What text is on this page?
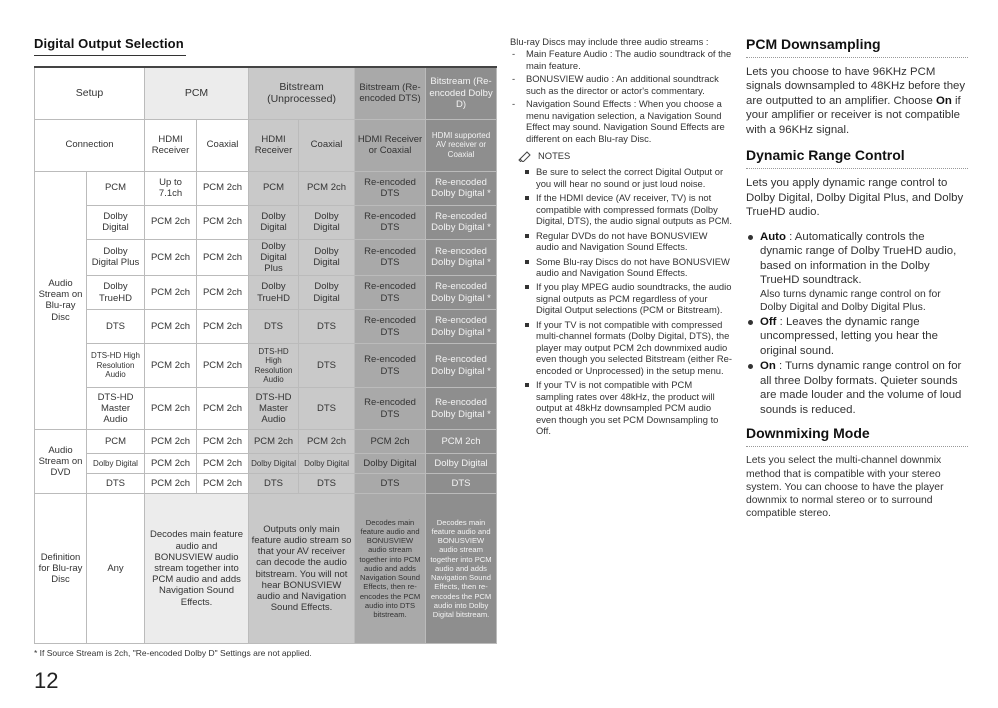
Digital Output Selection
Setup		PCM		Bitstream (Unprocessed)		Bitstream (Re-encoded DTS)	Bitstream (Re-encoded Dolby D)
Connection		HDMI Receiver	Coaxial	HDMI Receiver	Coaxial	HDMI Receiver or Coaxial	HDMI supported AV receiver or Coaxial
Audio Stream on Blu-ray Disc	PCM	Up to 7.1ch	PCM 2ch	PCM	PCM 2ch	Re-encoded DTS	Re-encoded Dolby Digital *
	Dolby Digital	PCM 2ch	PCM 2ch	Dolby Digital	Dolby Digital	Re-encoded DTS	Re-encoded Dolby Digital *
	Dolby Digital Plus	PCM 2ch	PCM 2ch	Dolby Digital Plus	Dolby Digital	Re-encoded DTS	Re-encoded Dolby Digital *
	Dolby TrueHD	PCM 2ch	PCM 2ch	Dolby TrueHD	Dolby Digital	Re-encoded DTS	Re-encoded Dolby Digital *
	DTS	PCM 2ch	PCM 2ch	DTS	DTS	Re-encoded DTS	Re-encoded Dolby Digital *
	DTS-HD High Resolution Audio	PCM 2ch	PCM 2ch	DTS-HD High Resolution Audio	DTS	Re-encoded DTS	Re-encoded Dolby Digital *
	DTS-HD Master Audio	PCM 2ch	PCM 2ch	DTS-HD Master Audio	DTS	Re-encoded DTS	Re-encoded Dolby Digital *
Audio Stream on DVD	PCM	PCM 2ch	PCM 2ch	PCM 2ch	PCM 2ch	PCM 2ch	PCM 2ch
	Dolby Digital	PCM 2ch	PCM 2ch	Dolby Digital	Dolby Digital	Dolby Digital	Dolby Digital
	DTS	PCM 2ch	PCM 2ch	DTS	DTS	DTS	DTS
Definition for Blu-ray Disc	Any	Decodes main feature audio and BONUSVIEW audio stream together into PCM audio and adds Navigation Sound Effects.		Outputs only main feature audio stream so that your AV receiver can decode the audio bitstream. You will not hear BONUSVIEW audio and Navigation Sound Effects.		Decodes main feature audio and BONUSVIEW audio stream together into PCM audio and adds Navigation Sound Effects, then re-encodes the PCM audio into DTS bitstream.	Decodes main feature audio and BONUSVIEW audio stream together into PCM audio and adds Navigation Sound Effects, then re-encodes the PCM audio into Dolby Digital bitstream.
* If Source Stream is 2ch, "Re-encoded Dolby D" Settings are not applied.
12

Blu-ray Discs may include three audio streams :

- Main Feature Audio : The audio soundtrack of the main feature.
- BONUSVIEW audio : An additional soundtrack such as the director or actor's commentary.
- Navigation Sound Effects : When you choose a menu navigation selection, a Navigation Sound Effect may sound. Navigation Sound Effects are different on each Blu-ray Disc.
NOTES
Be sure to select the correct Digital Output or you will hear no sound or just loud noise.
If the HDMI device (AV receiver, TV) is not compatible with compressed formats (Dolby Digital, DTS), the audio signal outputs as PCM.
Regular DVDs do not have BONUSVIEW audio and Navigation Sound Effects.
Some Blu-ray Discs do not have BONUSVIEW audio and Navigation Sound Effects.
If you play MPEG audio soundtracks, the audio signal outputs as PCM regardless of your Digital Output selections (PCM or Bitstream).
If your TV is not compatible with compressed multi-channel formats (Dolby Digital, DTS), the player may output PCM 2ch downmixed audio even though you selected Bitstream (either Re-encoded or Unprocessed) in the setup menu.
If your TV is not compatible with PCM sampling rates over 48kHz, the product will output at 48kHz downsampled PCM audio even though you set PCM Downsampling to Off.
PCM Downsampling

Lets you choose to have 96KHz PCM signals downsampled to 48KHz before they are outputted to an amplifier. Choose On if your amplifier or receiver is not compatible with a 96KHz signal.

Dynamic Range Control

Lets you apply dynamic range control to Dolby Digital, Dolby Digital Plus, and Dolby TrueHD audio.

Auto : Automatically controls the dynamic range of Dolby TrueHD audio, based on information in the Dolby TrueHD soundtrack.
Also turns dynamic range control on for Dolby Digital and Dolby Digital Plus.
Off : Leaves the dynamic range uncompressed, letting you hear the original sound.
On : Turns dynamic range control on for all three Dolby formats. Quieter sounds are made louder and the volume of loud sounds is reduced.
Downmixing Mode

Lets you select the multi-channel downmix method that is compatible with your stereo system. You can choose to have the player downmix to normal stereo or to surround compatible stereo.
